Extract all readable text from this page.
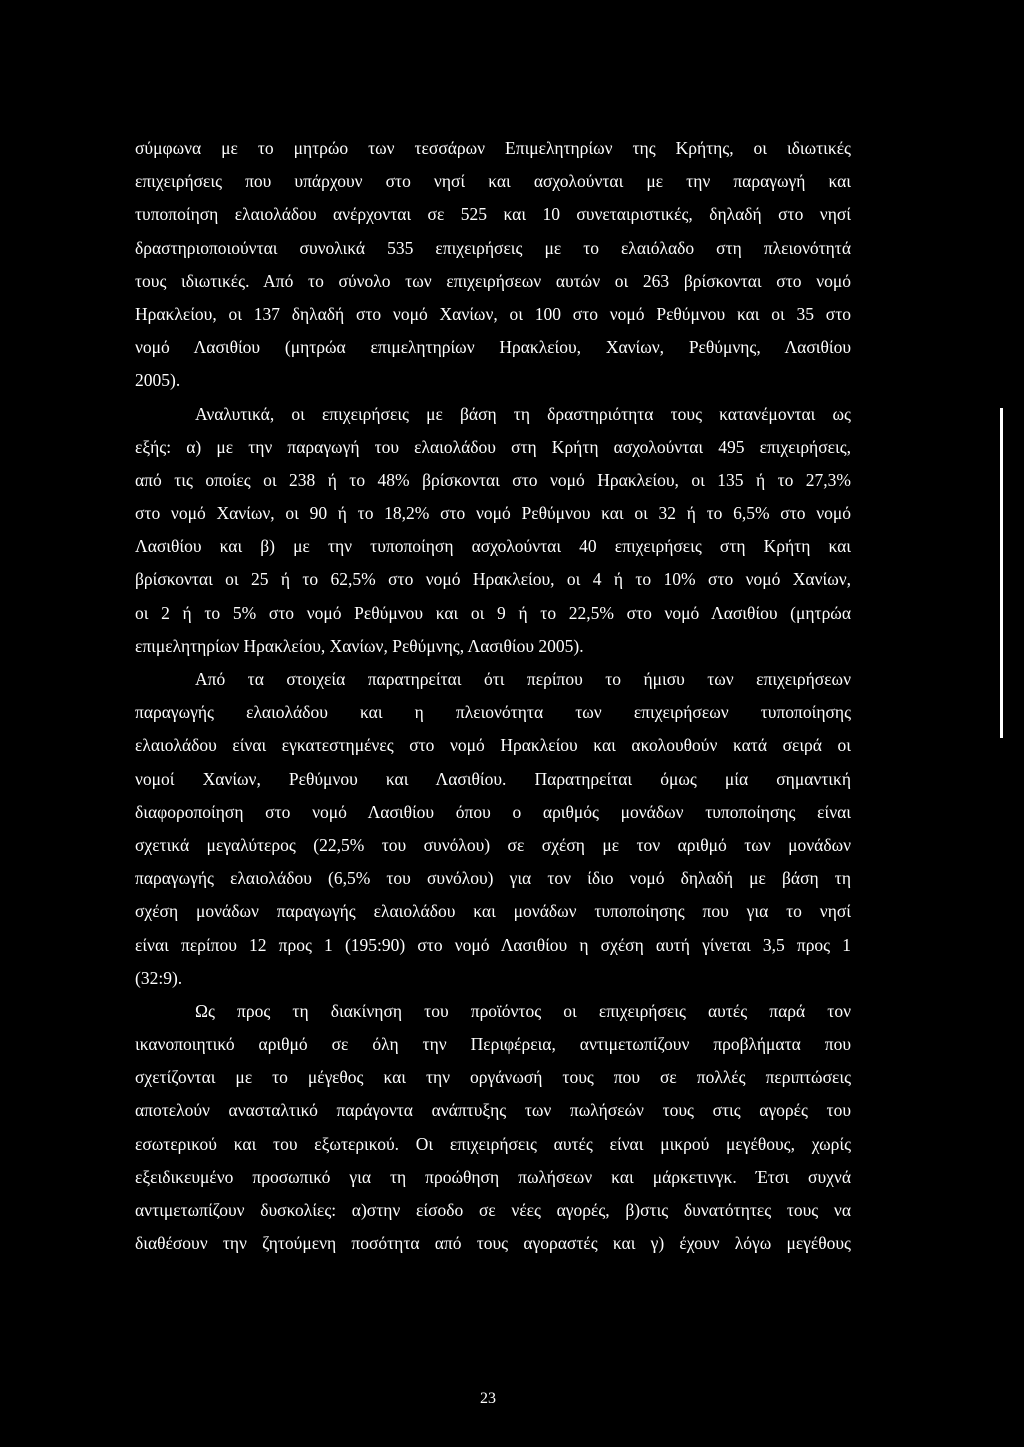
σύμφωνα με το μητρώο των τεσσάρων Επιμελητηρίων της Κρήτης, οι ιδιωτικές
επιχειρήσεις που υπάρχουν στο νησί και ασχολούνται με την παραγωγή και
τυποποίηση ελαιολάδου ανέρχονται σε 525 και 10 συνεταιριστικές, δηλαδή στο νησί
δραστηριοποιούνται συνολικά 535 επιχειρήσεις με το ελαιόλαδο στη πλειονότητά
τους ιδιωτικές. Από το σύνολο των επιχειρήσεων αυτών οι 263 βρίσκονται στο νομό
Ηρακλείου, οι 137 δηλαδή στο νομό Χανίων, οι 100 στο νομό Ρεθύμνου και οι 35 στο
νομό Λασιθίου (μητρώα επιμελητηρίων Ηρακλείου, Χανίων, Ρεθύμνης, Λασιθίου
2005).
Αναλυτικά, οι επιχειρήσεις με βάση τη δραστηριότητα τους κατανέμονται ως
εξής: α) με την παραγωγή του ελαιολάδου στη Κρήτη ασχολούνται 495 επιχειρήσεις,
από τις οποίες οι 238 ή το 48% βρίσκονται στο νομό Ηρακλείου, οι 135 ή το 27,3%
στο νομό Χανίων, οι 90 ή το 18,2% στο νομό Ρεθύμνου και οι 32 ή το 6,5% στο νομό
Λασιθίου και β) με την τυποποίηση ασχολούνται 40 επιχειρήσεις στη Κρήτη και
βρίσκονται οι 25 ή το 62,5% στο νομό Ηρακλείου, οι 4 ή το 10% στο νομό Χανίων,
οι 2 ή το 5% στο νομό Ρεθύμνου και οι 9 ή το 22,5% στο νομό Λασιθίου (μητρώα
επιμελητηρίων Ηρακλείου, Χανίων, Ρεθύμνης, Λασιθίου 2005).
Από τα στοιχεία παρατηρείται ότι περίπου το ήμισυ των επιχειρήσεων
παραγωγής ελαιολάδου και η πλειονότητα των επιχειρήσεων τυποποίησης
ελαιολάδου είναι εγκατεστημένες στο νομό Ηρακλείου και ακολουθούν κατά σειρά οι
νομοί Χανίων, Ρεθύμνου και Λασιθίου. Παρατηρείται όμως μία σημαντική
διαφοροποίηση στο νομό Λασιθίου όπου ο αριθμός μονάδων τυποποίησης είναι
σχετικά μεγαλύτερος (22,5% του συνόλου) σε σχέση με τον αριθμό των μονάδων
παραγωγής ελαιολάδου (6,5% του συνόλου) για τον ίδιο νομό δηλαδή με βάση τη
σχέση μονάδων παραγωγής ελαιολάδου και μονάδων τυποποίησης που για το νησί
είναι περίπου 12 προς 1 (195:90) στο νομό Λασιθίου η σχέση αυτή γίνεται 3,5 προς 1
(32:9).
Ως προς τη διακίνηση του προϊόντος οι επιχειρήσεις αυτές παρά τον
ικανοποιητικό αριθμό σε όλη την Περιφέρεια, αντιμετωπίζουν προβλήματα που
σχετίζονται με το μέγεθος και την οργάνωσή τους που σε πολλές περιπτώσεις
αποτελούν ανασταλτικό παράγοντα ανάπτυξης των πωλήσεών τους στις αγορές του
εσωτερικού και του εξωτερικού. Οι επιχειρήσεις αυτές είναι μικρού μεγέθους, χωρίς
εξειδικευμένο προσωπικό για τη προώθηση πωλήσεων και μάρκετινγκ. Έτσι συχνά
αντιμετωπίζουν δυσκολίες: α)στην είσοδο σε νέες αγορές, β)στις δυνατότητες τους να
διαθέσουν την ζητούμενη ποσότητα από τους αγοραστές και γ) έχουν λόγω μεγέθους
23
